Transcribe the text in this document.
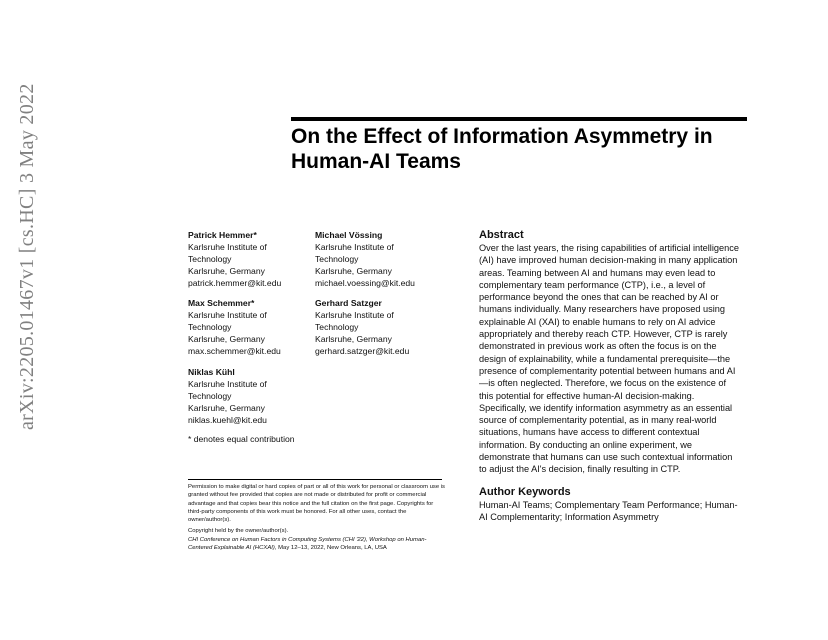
arXiv:2205.01467v1 [cs.HC] 3 May 2022	On the Effect of Information Asymmetry in Human-AI Teams
Patrick Hemmer*
Karlsruhe Institute of
Technology
Karlsruhe, Germany
patrick.hemmer@kit.edu
Michael Vössing
Karlsruhe Institute of
Technology
Karlsruhe, Germany
michael.voessing@kit.edu
Max Schemmer*
Karlsruhe Institute of
Technology
Karlsruhe, Germany
max.schemmer@kit.edu
Gerhard Satzger
Karlsruhe Institute of
Technology
Karlsruhe, Germany
gerhard.satzger@kit.edu
Niklas Kühl
Karlsruhe Institute of
Technology
Karlsruhe, Germany
niklas.kuehl@kit.edu
* denotes equal contribution

Permission to make digital or hard copies of part or all of this work for personal or classroom use is granted without fee provided that copies are not made or distributed for profit or commercial advantage and that copies bear this notice and the full citation on the first page. Copyrights for third-party components of this work must be honored. For all other uses, contact the owner/author(s).

Copyright held by the owner/author(s).

CHI Conference on Human Factors in Computing Systems (CHI '22), Workshop on Human-Centered Explainable AI (HCXAI), May 12–13, 2022, New Orleans, LA, USA

Abstract

Over the last years, the rising capabilities of artificial intelligence (AI) have improved human decision-making in many application areas. Teaming between AI and humans may even lead to complementary team performance (CTP), i.e., a level of performance beyond the ones that can be reached by AI or humans individually. Many researchers have proposed using explainable AI (XAI) to enable humans to rely on AI advice appropriately and thereby reach CTP. However, CTP is rarely demonstrated in previous work as often the focus is on the design of explainability, while a fundamental prerequisite—the presence of complementarity potential between humans and AI—is often neglected. Therefore, we focus on the existence of this potential for effective human-AI decision-making. Specifically, we identify information asymmetry as an essential source of complementarity potential, as in many real-world situations, humans have access to different contextual information. By conducting an online experiment, we demonstrate that humans can use such contextual information to adjust the AI's decision, finally resulting in CTP.

Author Keywords

Human-AI Teams; Complementary Team Performance; Human-AI Complementarity; Information Asymmetry
